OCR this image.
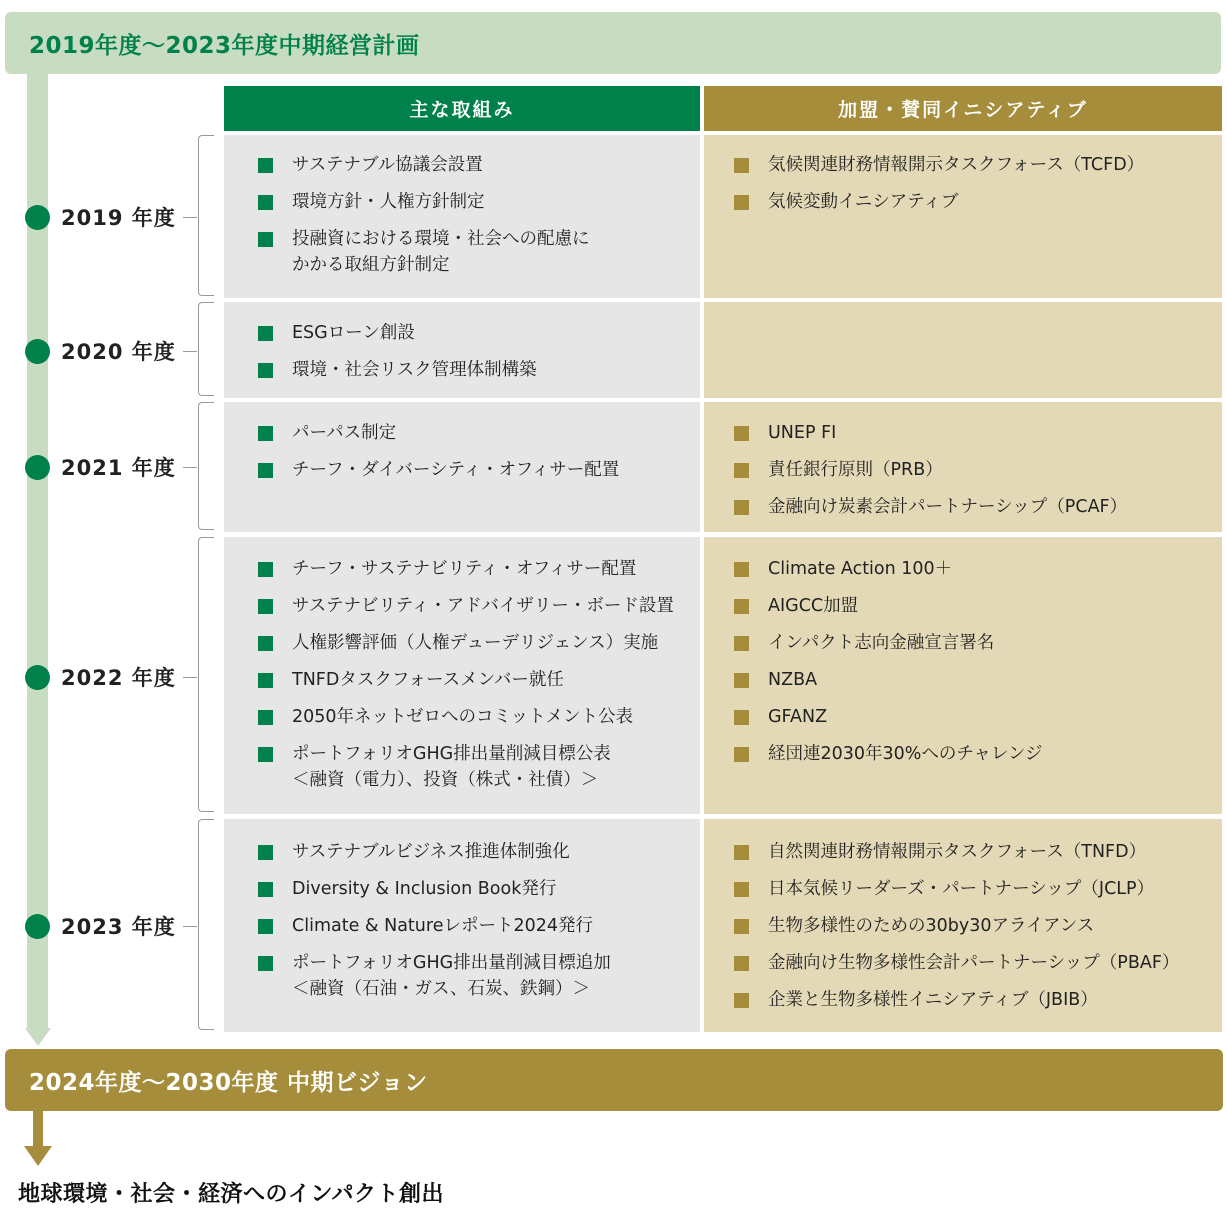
2019年度～2023年度中期経営計画
主な取組み	加盟・賛同イニシアティブ
サステナブル協議会設置
環境方針・人権方針制定
投融資における環境・社会への配慮に
かかる取組方針制定
気候関連財務情報開示タスクフォース（TCFD）
気候変動イニシアティブ
2019 年度
ESGローン創設
環境・社会リスク管理体制構築
2020 年度
パーパス制定
チーフ・ダイバーシティ・オフィサー配置
UNEP FI
責任銀行原則（PRB）
金融向け炭素会計パートナーシップ（PCAF）
2021 年度
チーフ・サステナビリティ・オフィサー配置
サステナビリティ・アドバイザリー・ボード設置
人権影響評価（人権デューデリジェンス）実施
TNFDタスクフォースメンバー就任
2050年ネットゼロへのコミットメント公表
ポートフォリオGHG排出量削減目標公表
＜融資（電力）、投資（株式・社債）＞
Climate Action 100＋
AIGCC加盟
インパクト志向金融宣言署名
NZBA
GFANZ
経団連2030年30%へのチャレンジ
2022 年度
サステナブルビジネス推進体制強化
Diversity & Inclusion Book発行
Climate & Natureレポート2024発行
ポートフォリオGHG排出量削減目標追加
＜融資（石油・ガス、石炭、鉄鋼）＞
自然関連財務情報開示タスクフォース（TNFD）
日本気候リーダーズ・パートナーシップ（JCLP）
生物多様性のための30by30アライアンス
金融向け生物多様性会計パートナーシップ（PBAF）
企業と生物多様性イニシアティブ（JBIB）
2023 年度
2024年度～2030年度 中期ビジョン
地球環境・社会・経済へのインパクト創出
